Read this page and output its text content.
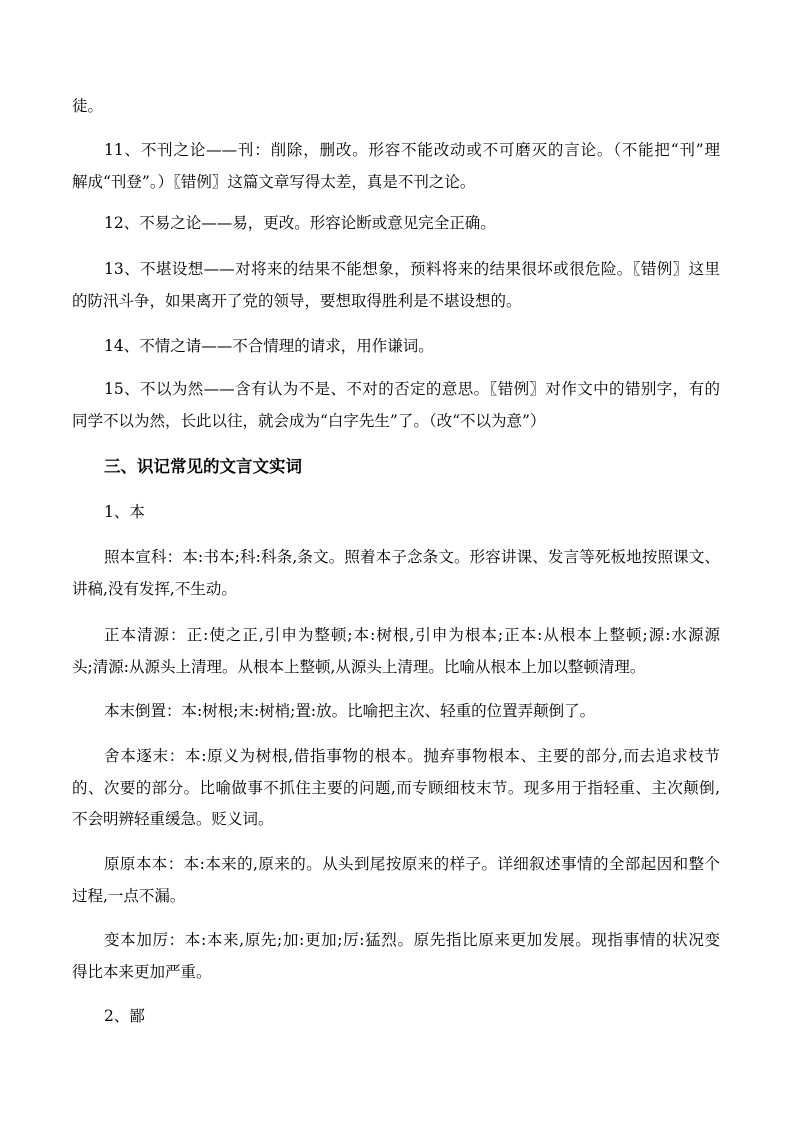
徒。
11、不刊之论——刊：削除，删改。形容不能改动或不可磨灭的言论。（不能把“刊”理
解成“刊登”。）〖错例〗这篇文章写得太差，真是不刊之论。
12、不易之论——易，更改。形容论断或意见完全正确。
13、不堪设想——对将来的结果不能想象，预料将来的结果很坏或很危险。〖错例〗这里
的防汛斗争，如果离开了党的领导，要想取得胜利是不堪设想的。
14、不情之请——不合情理的请求，用作谦词。
15、不以为然——含有认为不是、不对的否定的意思。〖错例〗对作文中的错别字，有的
同学不以为然，长此以往，就会成为“白字先生”了。（改“不以为意”）
三、识记常见的文言文实词
1、本
照本宣科：本:书本;科:科条,条文。照着本子念条文。形容讲课、发言等死板地按照课文、
讲稿,没有发挥,不生动。
正本清源：正:使之正,引申为整顿;本:树根,引申为根本;正本:从根本上整顿;源:水源源
头;清源:从源头上清理。从根本上整顿,从源头上清理。比喻从根本上加以整顿清理。
本末倒置：本:树根;末:树梢;置:放。比喻把主次、轻重的位置弄颠倒了。
舍本逐末：本:原义为树根,借指事物的根本。抛弃事物根本、主要的部分,而去追求枝节
的、次要的部分。比喻做事不抓住主要的问题,而专顾细枝末节。现多用于指轻重、主次颠倒,
不会明辨轻重缓急。贬义词。
原原本本：本:本来的,原来的。从头到尾按原来的样子。详细叙述事情的全部起因和整个
过程,一点不漏。
变本加厉：本:本来,原先;加:更加;厉:猛烈。原先指比原来更加发展。现指事情的状况变
得比本来更加严重。
2、鄙
